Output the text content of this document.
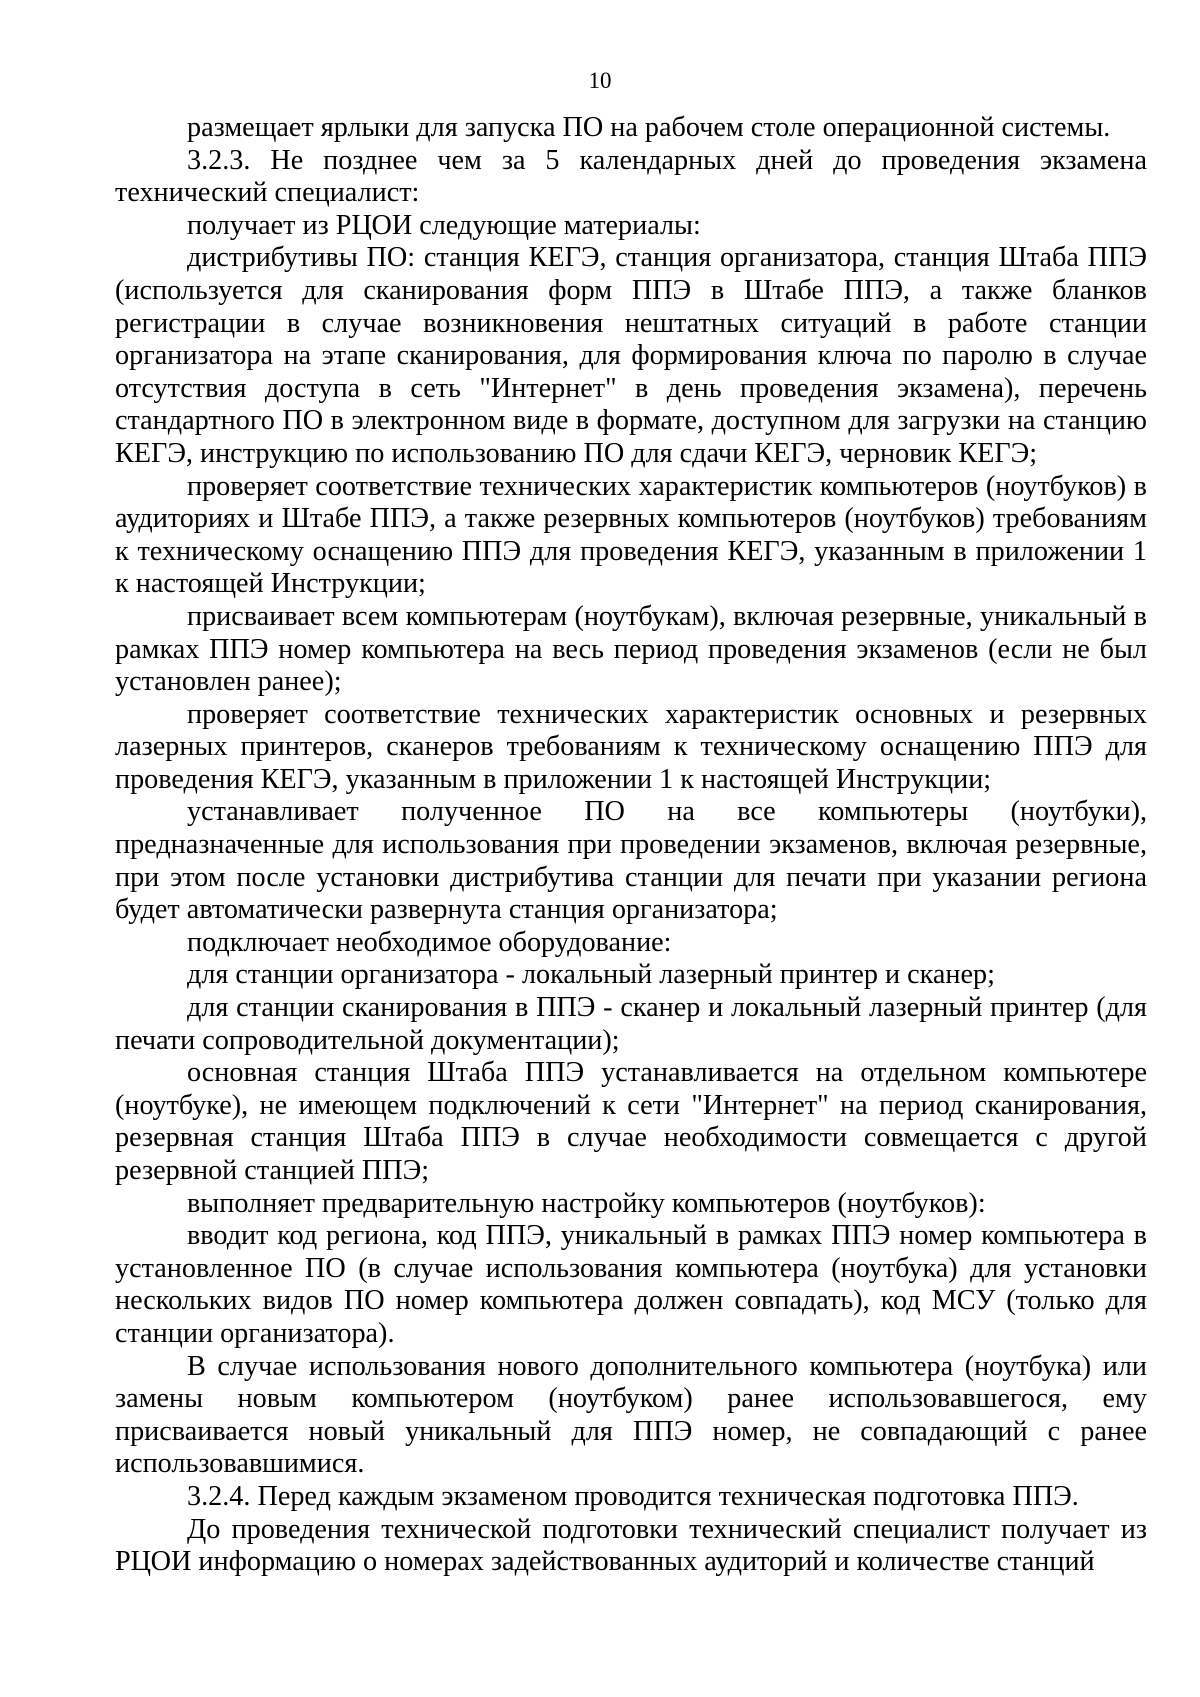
10

размещает ярлыки для запуска ПО на рабочем столе операционной системы.

3.2.3. Не позднее чем за 5 календарных дней до проведения экзамена технический специалист:

получает из РЦОИ следующие материалы:

дистрибутивы ПО: станция КЕГЭ, станция организатора, станция Штаба ППЭ (используется для сканирования форм ППЭ в Штабе ППЭ, а также бланков регистрации в случае возникновения нештатных ситуаций в работе станции организатора на этапе сканирования, для формирования ключа по паролю в случае отсутствия доступа в сеть "Интернет" в день проведения экзамена), перечень стандартного ПО в электронном виде в формате, доступном для загрузки на станцию КЕГЭ, инструкцию по использованию ПО для сдачи КЕГЭ, черновик КЕГЭ;

проверяет соответствие технических характеристик компьютеров (ноутбуков) в аудиториях и Штабе ППЭ, а также резервных компьютеров (ноутбуков) требованиям к техническому оснащению ППЭ для проведения КЕГЭ, указанным в приложении 1 к настоящей Инструкции;

присваивает всем компьютерам (ноутбукам), включая резервные, уникальный в рамках ППЭ номер компьютера на весь период проведения экзаменов (если не был установлен ранее);

проверяет соответствие технических характеристик основных и резервных лазерных принтеров, сканеров требованиям к техническому оснащению ППЭ для проведения КЕГЭ, указанным в приложении 1 к настоящей Инструкции;

устанавливает полученное ПО на все компьютеры (ноутбуки), предназначенные для использования при проведении экзаменов, включая резервные, при этом после установки дистрибутива станции для печати при указании региона будет автоматически развернута станция организатора;

подключает необходимое оборудование:

для станции организатора - локальный лазерный принтер и сканер;

для станции сканирования в ППЭ - сканер и локальный лазерный принтер (для печати сопроводительной документации);

основная станция Штаба ППЭ устанавливается на отдельном компьютере (ноутбуке), не имеющем подключений к сети "Интернет" на период сканирования, резервная станция Штаба ППЭ в случае необходимости совмещается с другой резервной станцией ППЭ;

выполняет предварительную настройку компьютеров (ноутбуков):

вводит код региона, код ППЭ, уникальный в рамках ППЭ номер компьютера в установленное ПО (в случае использования компьютера (ноутбука) для установки нескольких видов ПО номер компьютера должен совпадать), код МСУ (только для станции организатора).

В случае использования нового дополнительного компьютера (ноутбука) или замены новым компьютером (ноутбуком) ранее использовавшегося, ему присваивается новый уникальный для ППЭ номер, не совпадающий с ранее использовавшимися.

3.2.4. Перед каждым экзаменом проводится техническая подготовка ППЭ.

До проведения технической подготовки технический специалист получает из РЦОИ информацию о номерах задействованных аудиторий и количестве станций
